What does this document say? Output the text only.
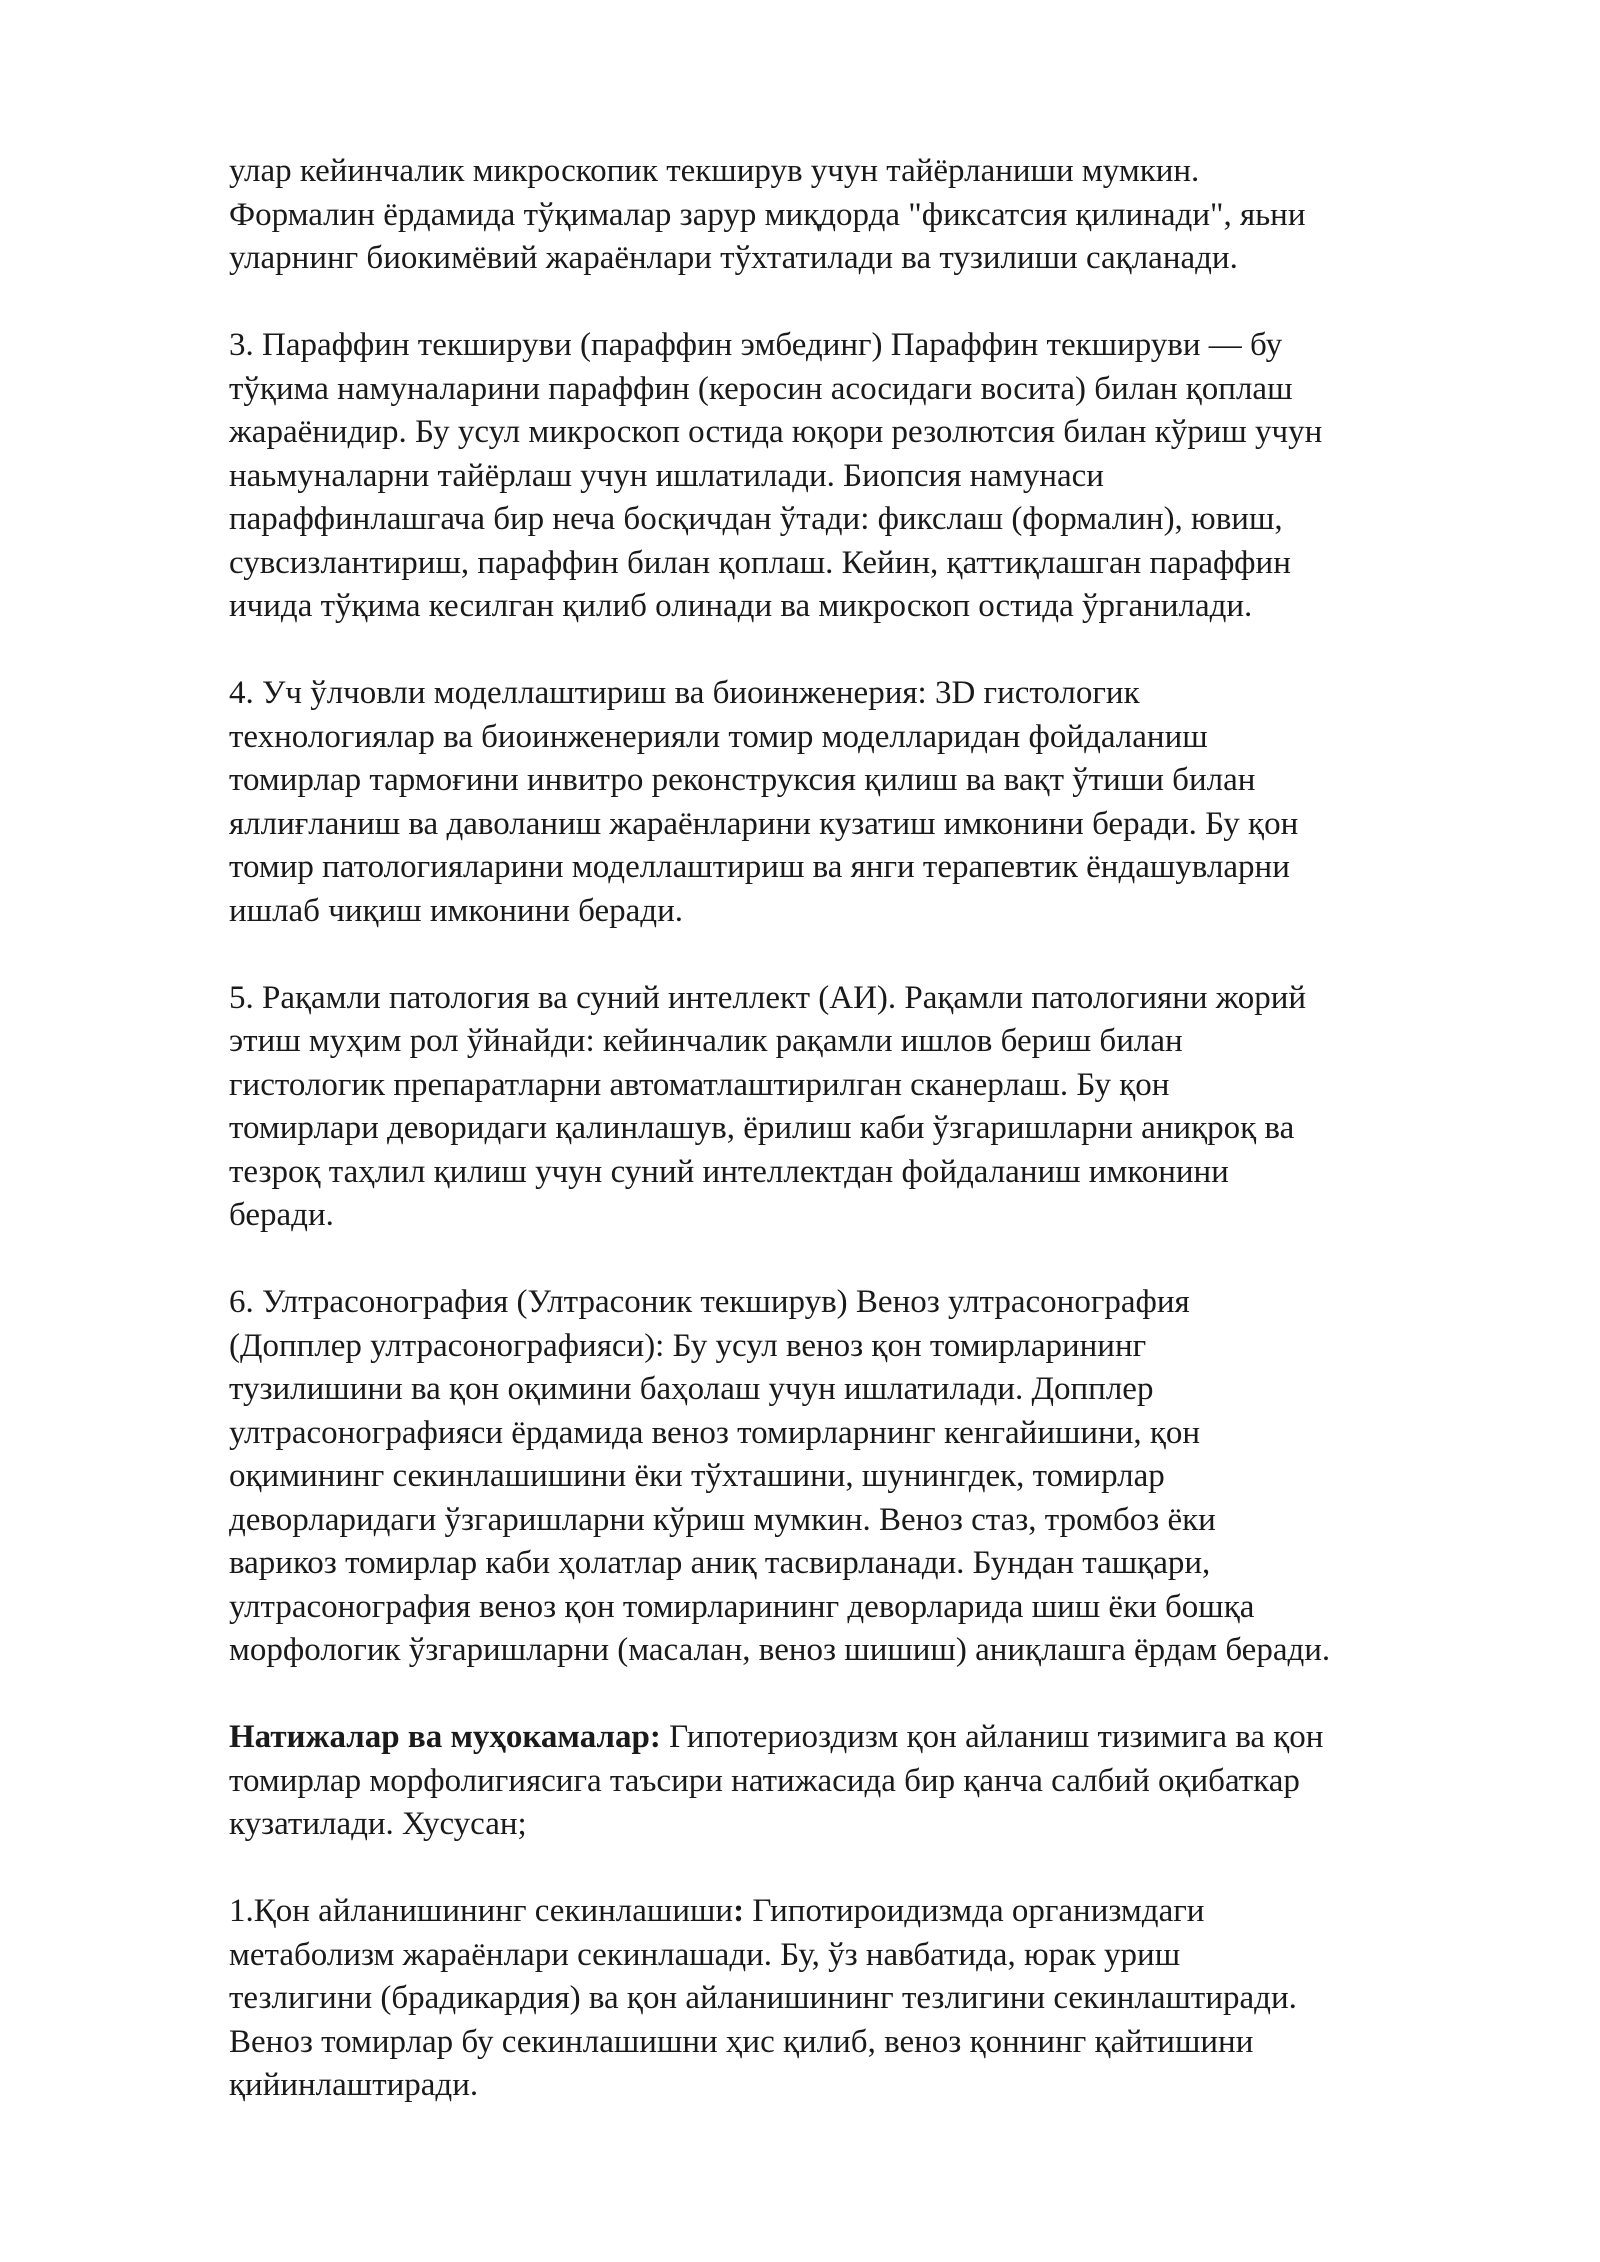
улар кейинчалик микроскопик текширув учун тайёрланиши мумкин.
Формалин ёрдамида тўқималар зарур миқдорда "фиксатсия қилинади", яьни
уларнинг биокимёвий жараёнлари тўхтатилади ва тузилиши сақланади.

3. Параффин текшируви (параффин эмбединг) Параффин текшируви — бу
тўқима намуналарини параффин (керосин асосидаги восита) билан қоплаш
жараёнидир. Бу усул микроскоп остида юқори резолютсия билан кўриш учун
наьмуналарни тайёрлаш учун ишлатилади. Биопсия намунаси
параффинлашгача бир неча босқичдан ўтади: фикслаш (формалин), ювиш,
сувсизлантириш, параффин билан қоплаш. Кейин, қаттиқлашган параффин
ичида тўқима кесилган қилиб олинади ва микроскоп остида ўрганилади.

4. Уч ўлчовли моделлаштириш ва биоинженерия: 3D гистологик
технологиялар ва биоинженерияли томир моделларидан фойдаланиш
томирлар тармоғини инвитро реконструксия қилиш ва вақт ўтиши билан
яллиғланиш ва даволаниш жараёнларини кузатиш имконини беради. Бу қон
томир патологияларини моделлаштириш ва янги терапевтик ёндашувларни
ишлаб чиқиш имконини беради.

5. Рақамли патология ва суний интеллект (АИ). Рақамли патологияни жорий
этиш муҳим рол ўйнайди: кейинчалик рақамли ишлов бериш билан
гистологик препаратларни автоматлаштирилган сканерлаш. Бу қон
томирлари деворидаги қалинлашув, ёрилиш каби ўзгаришларни аниқроқ ва
тезроқ таҳлил қилиш учун суний интеллектдан фойдаланиш имконини
беради.

6. Ултрасонография (Ултрасоник текширув) Веноз ултрасонография
(Допплер ултрасонографияси): Бу усул веноз қон томирларининг
тузилишини ва қон оқимини баҳолаш учун ишлатилади. Допплер
ултрасонографияси ёрдамида веноз томирларнинг кенгайишини, қон
оқимининг секинлашишини ёки тўхташини, шунингдек, томирлар
деворларидаги ўзгаришларни кўриш мумкин. Веноз стаз, тромбоз ёки
варикоз томирлар каби ҳолатлар аниқ тасвирланади. Бундан ташқари,
ултрасонография веноз қон томирларининг деворларида шиш ёки бошқа
морфологик ўзгаришларни (масалан, веноз шишиш) аниқлашга ёрдам беради.

Натижалар ва муҳокамалар: Гипотериоздизм қон айланиш тизимига ва қон
томирлар морфолигиясига таъсири натижасида бир қанча салбий оқибаткар
кузатилади. Хусусан;

1.Қон айланишининг секинлашиши: Гипотироидизмда организмдаги
метаболизм жараёнлари секинлашади. Бу, ўз навбатида, юрак уриш
тезлигини (брадикардия) ва қон айланишининг тезлигини секинлаштиради.
Веноз томирлар бу секинлашишни ҳис қилиб, веноз қоннинг қайтишини
қийинлаштиради.
